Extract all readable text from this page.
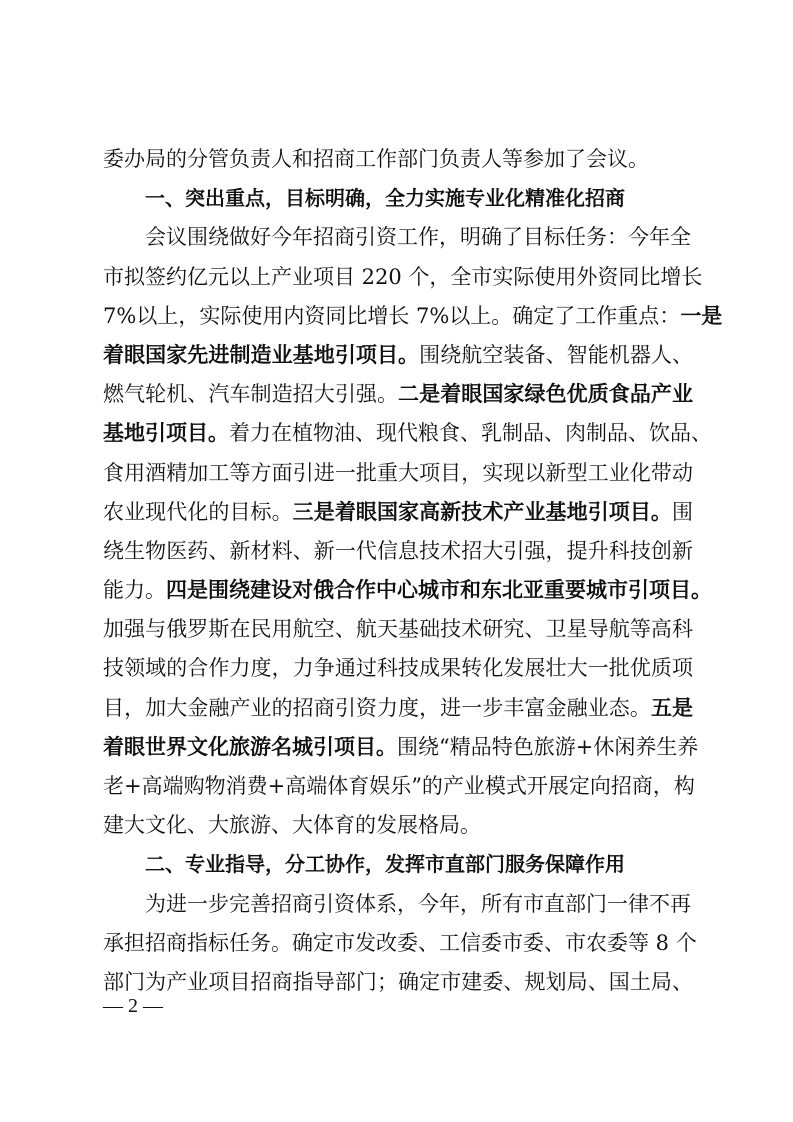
委办局的分管负责人和招商工作部门负责人等参加了会议。
一、突出重点，目标明确，全力实施专业化精准化招商
会议围绕做好今年招商引资工作，明确了目标任务：今年全
市拟签约亿元以上产业项目 220 个，全市实际使用外资同比增长
7%以上，实际使用内资同比增长 7%以上。确定了工作重点：一是
着眼国家先进制造业基地引项目。围绕航空装备、智能机器人、
燃气轮机、汽车制造招大引强。二是着眼国家绿色优质食品产业
基地引项目。着力在植物油、现代粮食、乳制品、肉制品、饮品、
食用酒精加工等方面引进一批重大项目，实现以新型工业化带动
农业现代化的目标。三是着眼国家高新技术产业基地引项目。围
绕生物医药、新材料、新一代信息技术招大引强，提升科技创新
能力。四是围绕建设对俄合作中心城市和东北亚重要城市引项目。
加强与俄罗斯在民用航空、航天基础技术研究、卫星导航等高科
技领域的合作力度，力争通过科技成果转化发展壮大一批优质项
目，加大金融产业的招商引资力度，进一步丰富金融业态。五是
着眼世界文化旅游名城引项目。围绕“精品特色旅游+休闲养生养
老+高端购物消费+高端体育娱乐”的产业模式开展定向招商，构
建大文化、大旅游、大体育的发展格局。
二、专业指导，分工协作，发挥市直部门服务保障作用
为进一步完善招商引资体系，今年，所有市直部门一律不再
承担招商指标任务。确定市发改委、工信委市委、市农委等 8 个
部门为产业项目招商指导部门；确定市建委、规划局、国土局、
— 2 —
